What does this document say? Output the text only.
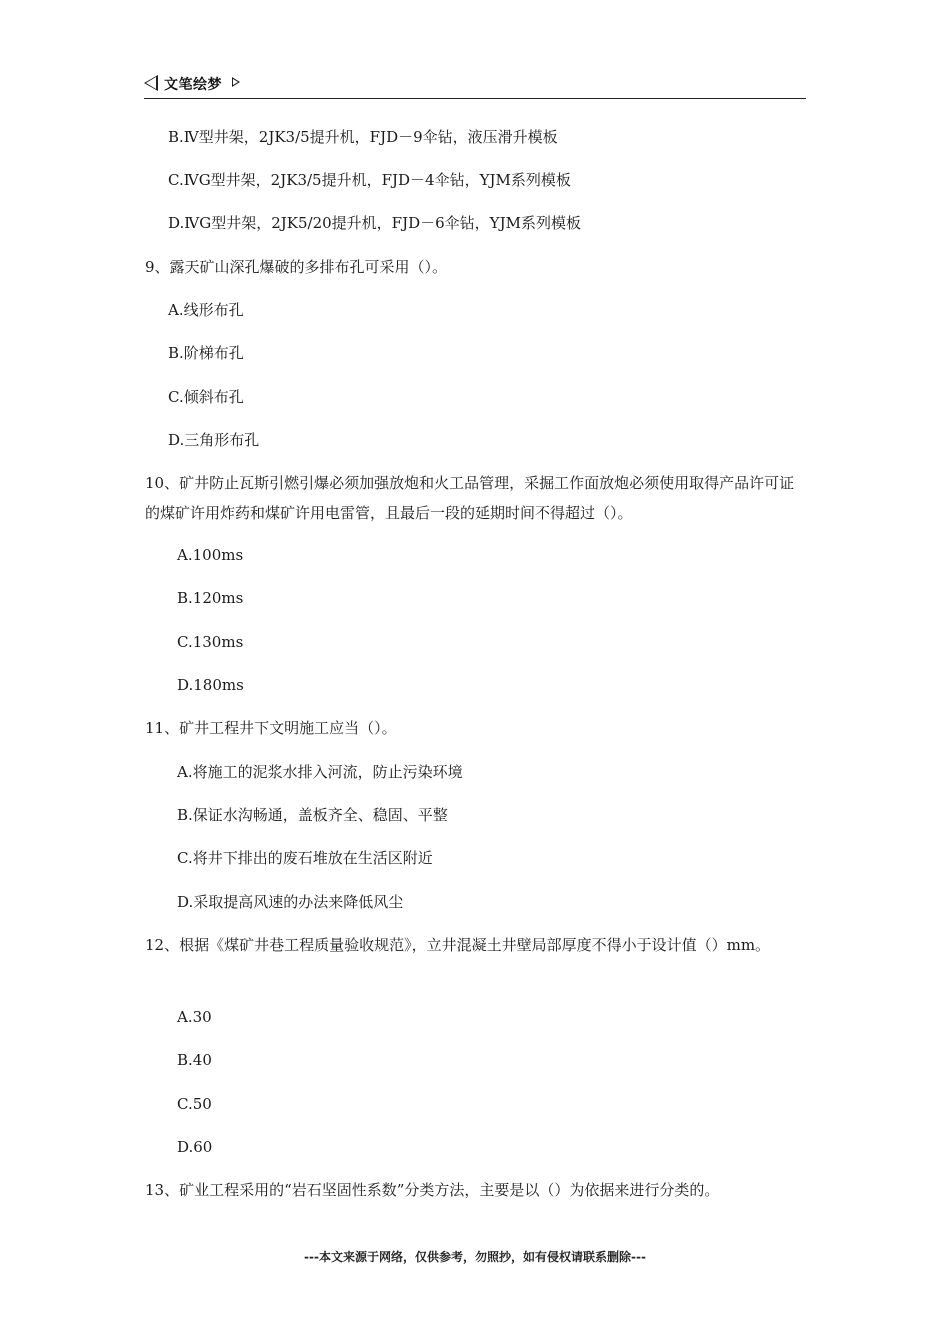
文笔绘梦
B.Ⅳ型井架，2JK3/5提升机，FJD－9伞钻，液压滑升模板
C.ⅣG型井架，2JK3/5提升机，FJD－4伞钻，YJM系列模板
D.ⅣG型井架，2JK5/20提升机，FJD－6伞钻，YJM系列模板
9、露天矿山深孔爆破的多排布孔可采用（）。
A.线形布孔
B.阶梯布孔
C.倾斜布孔
D.三角形布孔
10、矿井防止瓦斯引燃引爆必须加强放炮和火工品管理，采掘工作面放炮必须使用取得产品许可证的煤矿许用炸药和煤矿许用电雷管，且最后一段的延期时间不得超过（）。
A.100ms
B.120ms
C.130ms
D.180ms
11、矿井工程井下文明施工应当（）。
A.将施工的泥浆水排入河流，防止污染环境
B.保证水沟畅通，盖板齐全、稳固、平整
C.将井下排出的废石堆放在生活区附近
D.采取提高风速的办法来降低风尘
12、根据《煤矿井巷工程质量验收规范》，立井混凝土井壁局部厚度不得小于设计值（）mm。
A.30
B.40
C.50
D.60
13、矿业工程采用的“岩石坚固性系数”分类方法，主要是以（）为依据来进行分类的。
---本文来源于网络，仅供参考，勿照抄，如有侵权请联系删除---
